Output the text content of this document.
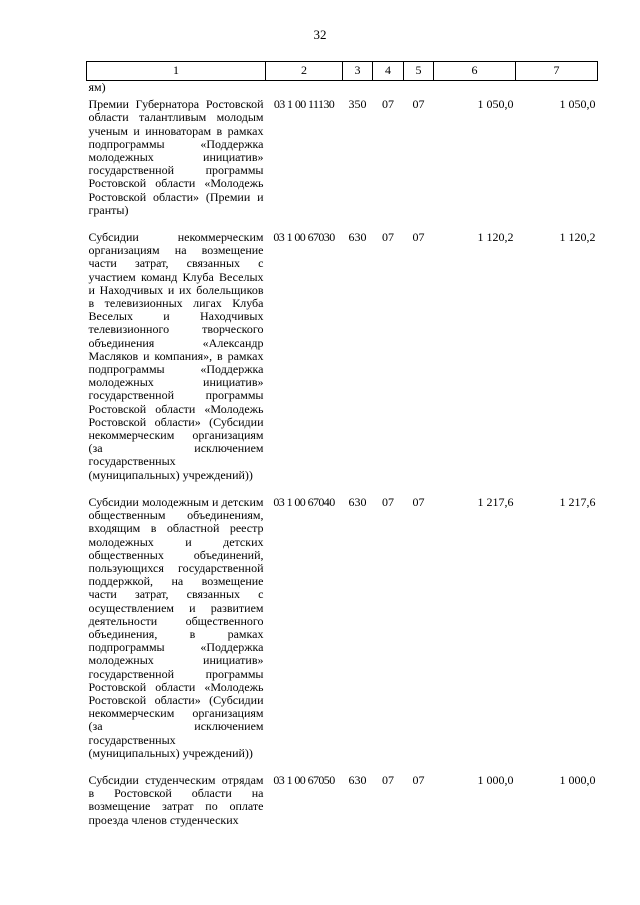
32
1	2	3	4	5	6	7
ям)						
Премии Губернатора Ростовской области талантливым молодым ученым и инноваторам в рамках подпрограммы «Поддержка молодежных инициатив» государственной программы Ростовской области «Молодежь Ростовской области» (Премии и гранты)	03 1 00 11130	350	07	07	1 050,0	1 050,0
Субсидии некоммерческим организациям на возмещение части затрат, связанных с участием команд Клуба Веселых и Находчивых и их болельщиков в телевизионных лигах Клуба Веселых и Находчивых телевизионного творческого объединения «Александр Масляков и компания», в рамках подпрограммы «Поддержка молодежных инициатив» государственной программы Ростовской области «Молодежь Ростовской области» (Субсидии некоммерческим организациям (за исключением государственных (муниципальных) учреждений))	03 1 00 67030	630	07	07	1 120,2	1 120,2
Субсидии молодежным и детским общественным объединениям, входящим в областной реестр молодежных и детских общественных объединений, пользующихся государственной поддержкой, на возмещение части затрат, связанных с осуществлением и развитием деятельности общественного объединения, в рамках подпрограммы «Поддержка молодежных инициатив» государственной программы Ростовской области «Молодежь Ростовской области» (Субсидии некоммерческим организациям (за исключением государственных (муниципальных) учреждений))	03 1 00 67040	630	07	07	1 217,6	1 217,6
Субсидии студенческим отрядам в Ростовской области на возмещение затрат по оплате проезда членов студенческих	03 1 00 67050	630	07	07	1 000,0	1 000,0
